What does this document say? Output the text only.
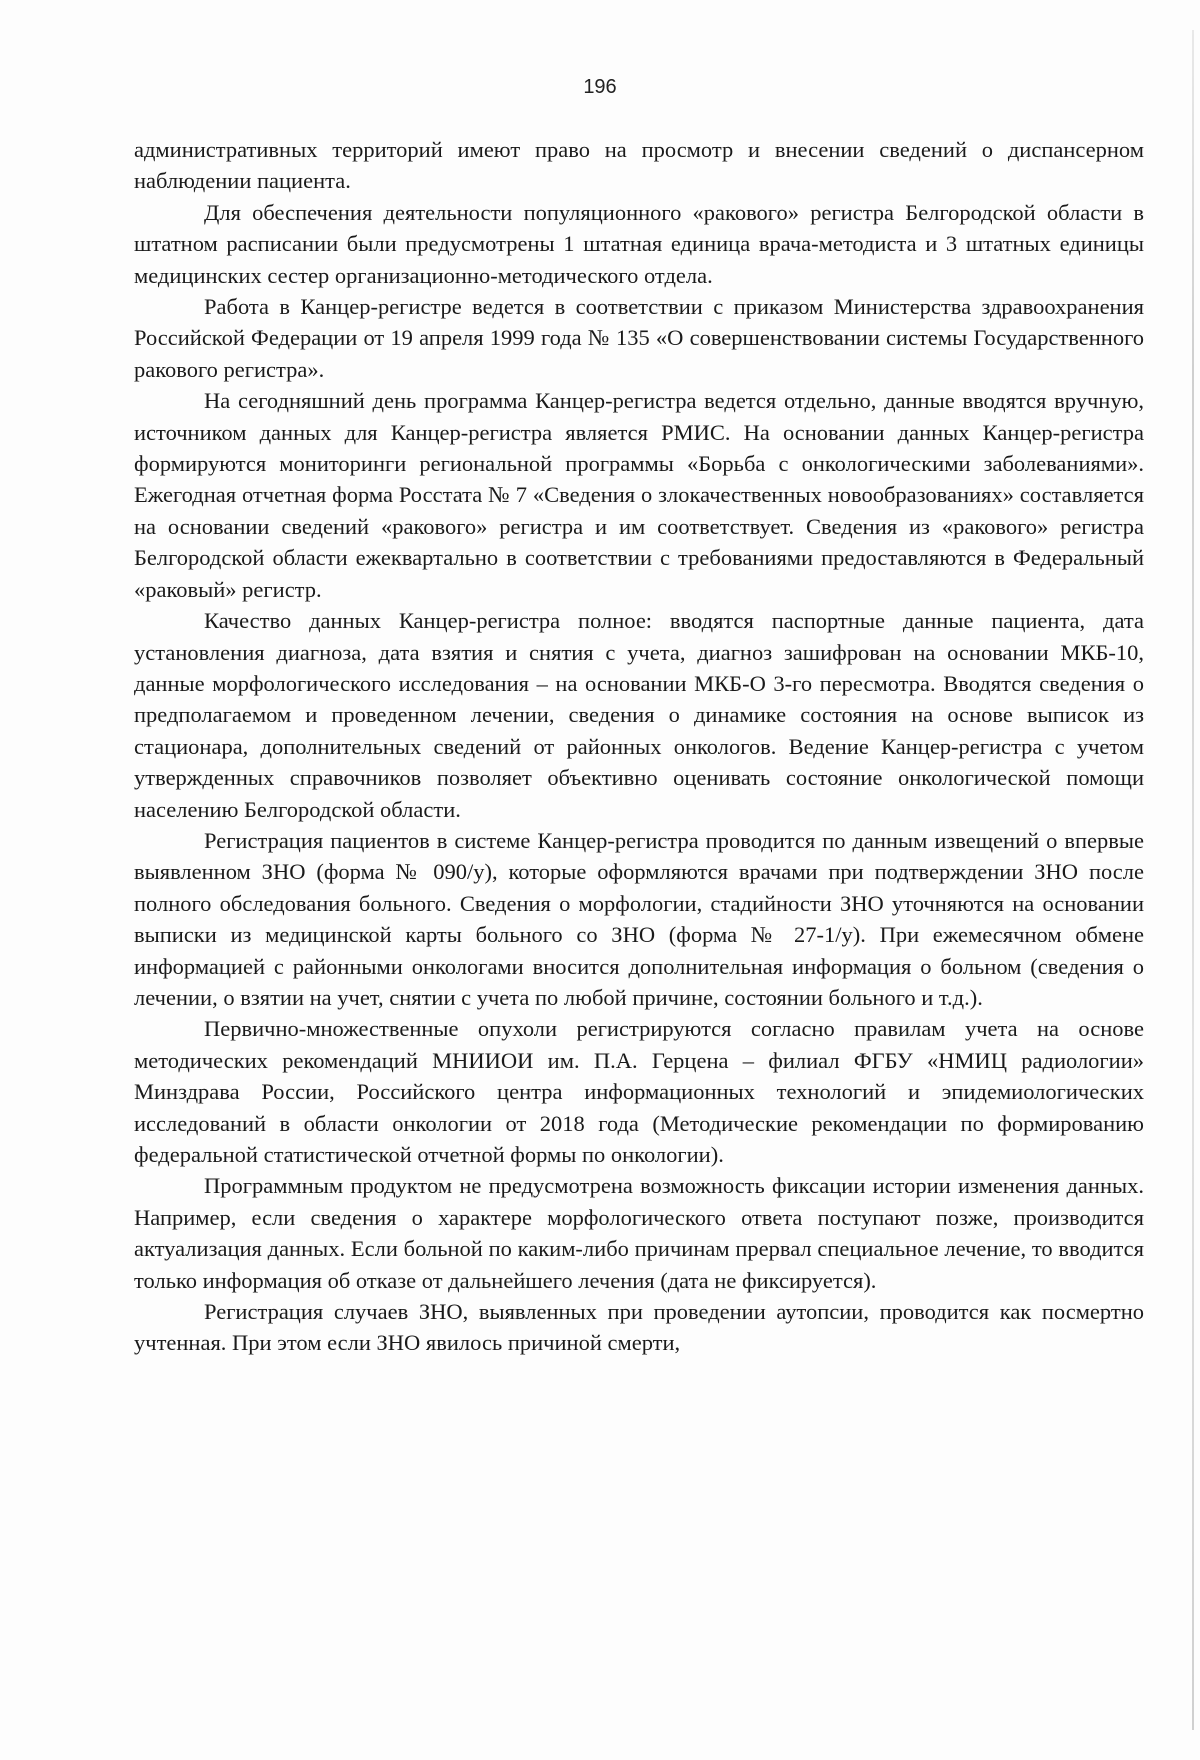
196

административных территорий имеют право на просмотр и внесении сведений о диспансерном наблюдении пациента.

Для обеспечения деятельности популяционного «ракового» регистра Белгородской области в штатном расписании были предусмотрены 1 штатная единица врача-методиста и 3 штатных единицы медицинских сестер организационно-методического отдела.

Работа в Канцер-регистре ведется в соответствии с приказом Министерства здравоохранения Российской Федерации от 19 апреля 1999 года № 135 «О совершенствовании системы Государственного ракового регистра».

На сегодняшний день программа Канцер-регистра ведется отдельно, данные вводятся вручную, источником данных для Канцер-регистра является РМИС. На основании данных Канцер-регистра формируются мониторинги региональной программы «Борьба с онкологическими заболеваниями». Ежегодная отчетная форма Росстата № 7 «Сведения о злокачественных новообразованиях» составляется на основании сведений «ракового» регистра и им соответствует. Сведения из «ракового» регистра Белгородской области ежеквартально в соответствии с требованиями предоставляются в Федеральный «раковый» регистр.

Качество данных Канцер-регистра полное: вводятся паспортные данные пациента, дата установления диагноза, дата взятия и снятия с учета, диагноз зашифрован на основании МКБ-10, данные морфологического исследования – на основании МКБ-О 3-го пересмотра. Вводятся сведения о предполагаемом и проведенном лечении, сведения о динамике состояния на основе выписок из стационара, дополнительных сведений от районных онкологов. Ведение Канцер-регистра с учетом утвержденных справочников позволяет объективно оценивать состояние онкологической помощи населению Белгородской области.

Регистрация пациентов в системе Канцер-регистра проводится по данным извещений о впервые выявленном ЗНО (форма № 090/у), которые оформляются врачами при подтверждении ЗНО после полного обследования больного. Сведения о морфологии, стадийности ЗНО уточняются на основании выписки из медицинской карты больного со ЗНО (форма № 27-1/у). При ежемесячном обмене информацией с районными онкологами вносится дополнительная информация о больном (сведения о лечении, о взятии на учет, снятии с учета по любой причине, состоянии больного и т.д.).

Первично-множественные опухоли регистрируются согласно правилам учета на основе методических рекомендаций МНИИОИ им. П.А. Герцена – филиал ФГБУ «НМИЦ радиологии» Минздрава России, Российского центра информационных технологий и эпидемиологических исследований в области онкологии от 2018 года (Методические рекомендации по формированию федеральной статистической отчетной формы по онкологии).

Программным продуктом не предусмотрена возможность фиксации истории изменения данных. Например, если сведения о характере морфологического ответа поступают позже, производится актуализация данных. Если больной по каким-либо причинам прервал специальное лечение, то вводится только информация об отказе от дальнейшего лечения (дата не фиксируется).

Регистрация случаев ЗНО, выявленных при проведении аутопсии, проводится как посмертно учтенная. При этом если ЗНО явилось причиной смерти,
